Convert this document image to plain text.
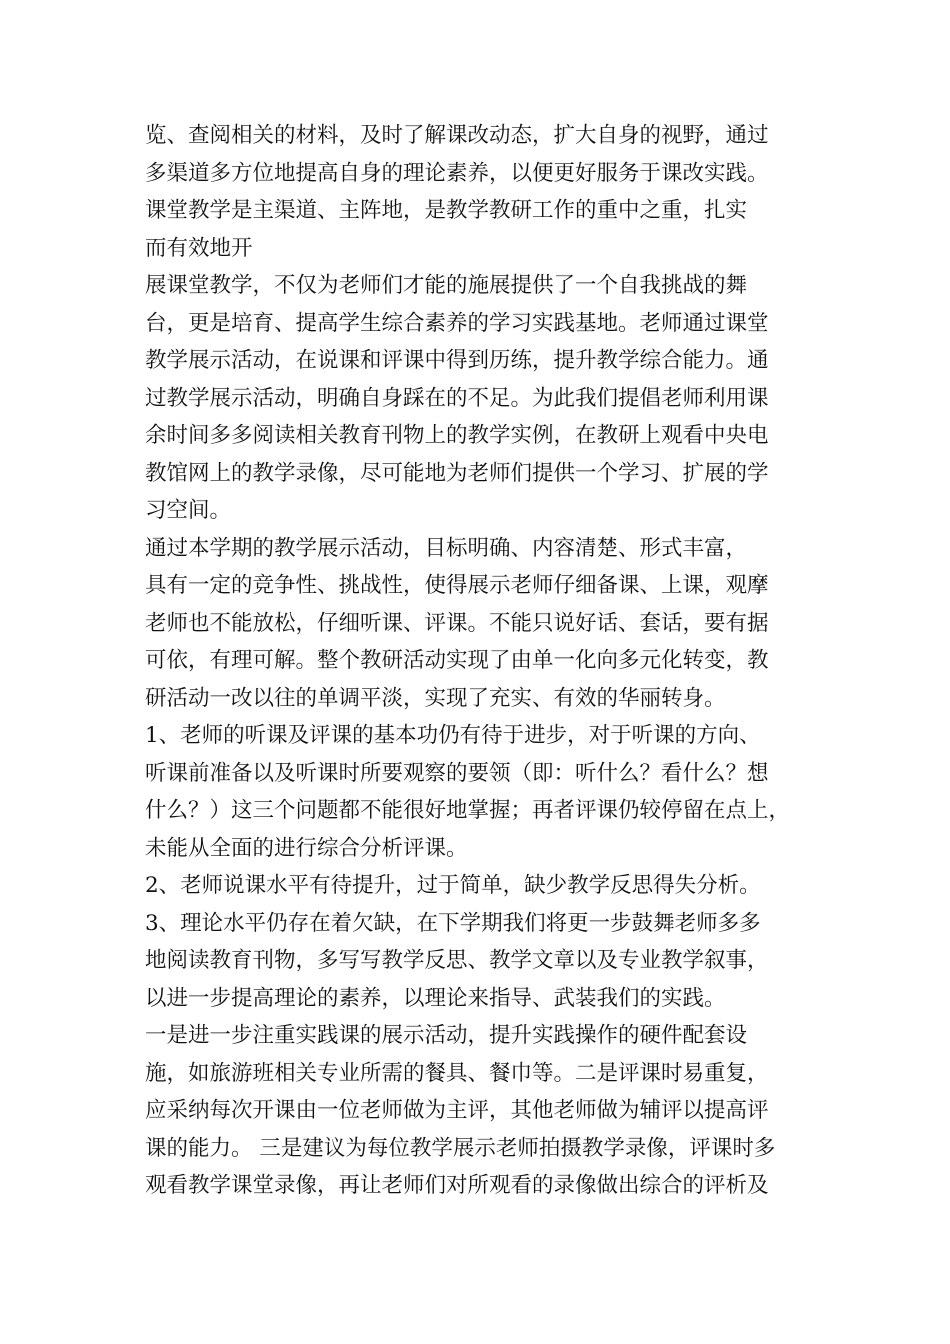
览、查阅相关的材料，及时了解课改动态，扩大自身的视野，通过
多渠道多方位地提高自身的理论素养，以便更好服务于课改实践。
课堂教学是主渠道、主阵地，是教学教研工作的重中之重，扎实
而有效地开
展课堂教学，不仅为老师们才能的施展提供了一个自我挑战的舞
台，更是培育、提高学生综合素养的学习实践基地。老师通过课堂
教学展示活动，在说课和评课中得到历练，提升教学综合能力。通
过教学展示活动，明确自身踩在的不足。为此我们提倡老师利用课
余时间多多阅读相关教育刊物上的教学实例，在教研上观看中央电
教馆网上的教学录像，尽可能地为老师们提供一个学习、扩展的学
习空间。
通过本学期的教学展示活动，目标明确、内容清楚、形式丰富，
具有一定的竞争性、挑战性，使得展示老师仔细备课、上课，观摩
老师也不能放松，仔细听课、评课。不能只说好话、套话，要有据
可依，有理可解。整个教研活动实现了由单一化向多元化转变，教
研活动一改以往的单调平淡，实现了充实、有效的华丽转身。
1、老师的听课及评课的基本功仍有待于进步，对于听课的方向、
听课前准备以及听课时所要观察的要领（即：听什么？看什么？想
什么？）这三个问题都不能很好地掌握；再者评课仍较停留在点上，
未能从全面的进行综合分析评课。
2、老师说课水平有待提升，过于简单，缺少教学反思得失分析。
3、理论水平仍存在着欠缺，在下学期我们将更一步鼓舞老师多多
地阅读教育刊物，多写写教学反思、教学文章以及专业教学叙事，
以进一步提高理论的素养，以理论来指导、武装我们的实践。
一是进一步注重实践课的展示活动，提升实践操作的硬件配套设
施，如旅游班相关专业所需的餐具、餐巾等。二是评课时易重复，
应采纳每次开课由一位老师做为主评，其他老师做为辅评以提高评
课的能力。 三是建议为每位教学展示老师拍摄教学录像，评课时多
观看教学课堂录像，再让老师们对所观看的录像做出综合的评析及
